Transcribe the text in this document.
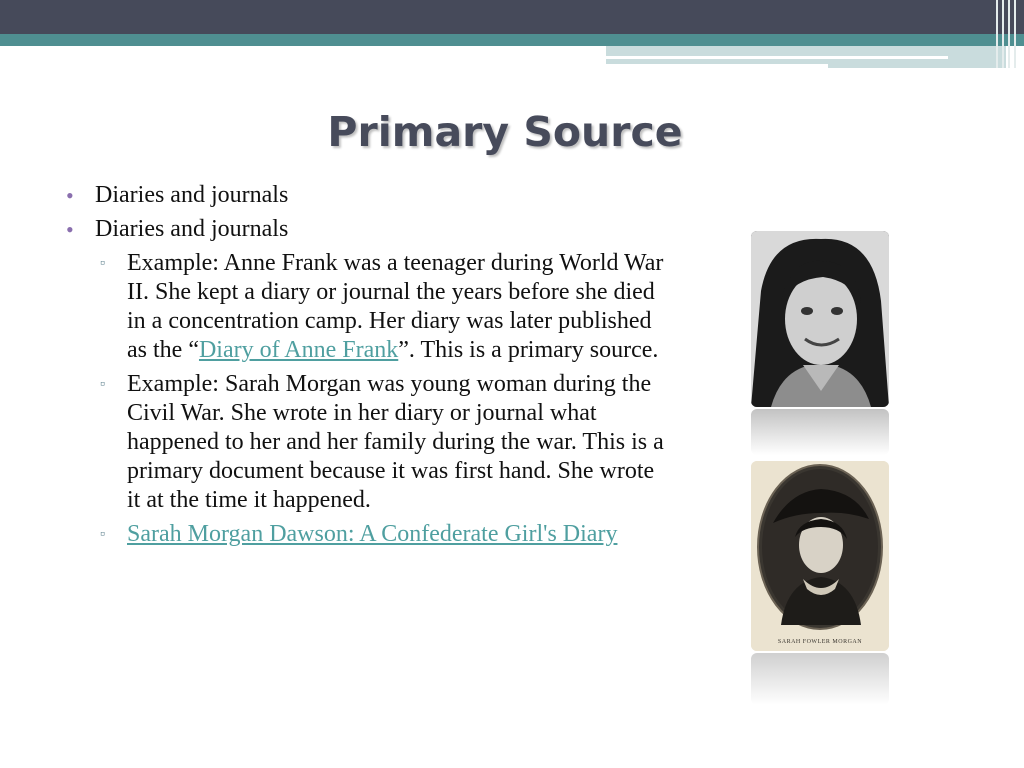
Primary Source
• Diaries and journals
• Diaries and journals
▫ Example: Anne Frank was a teenager during World War II. She kept a diary or journal the years before she died in a concentration camp. Her diary was later published as the “Diary of Anne Frank”. This is a primary source.
▫ Example: Sarah Morgan was young woman during the Civil War. She wrote in her diary or journal what happened to her and her family during the war. This is a primary document because it was first hand. She wrote it at the time it happened.
▫ Sarah Morgan Dawson: A Confederate Girl's Diary
SARAH FOWLER MORGAN
